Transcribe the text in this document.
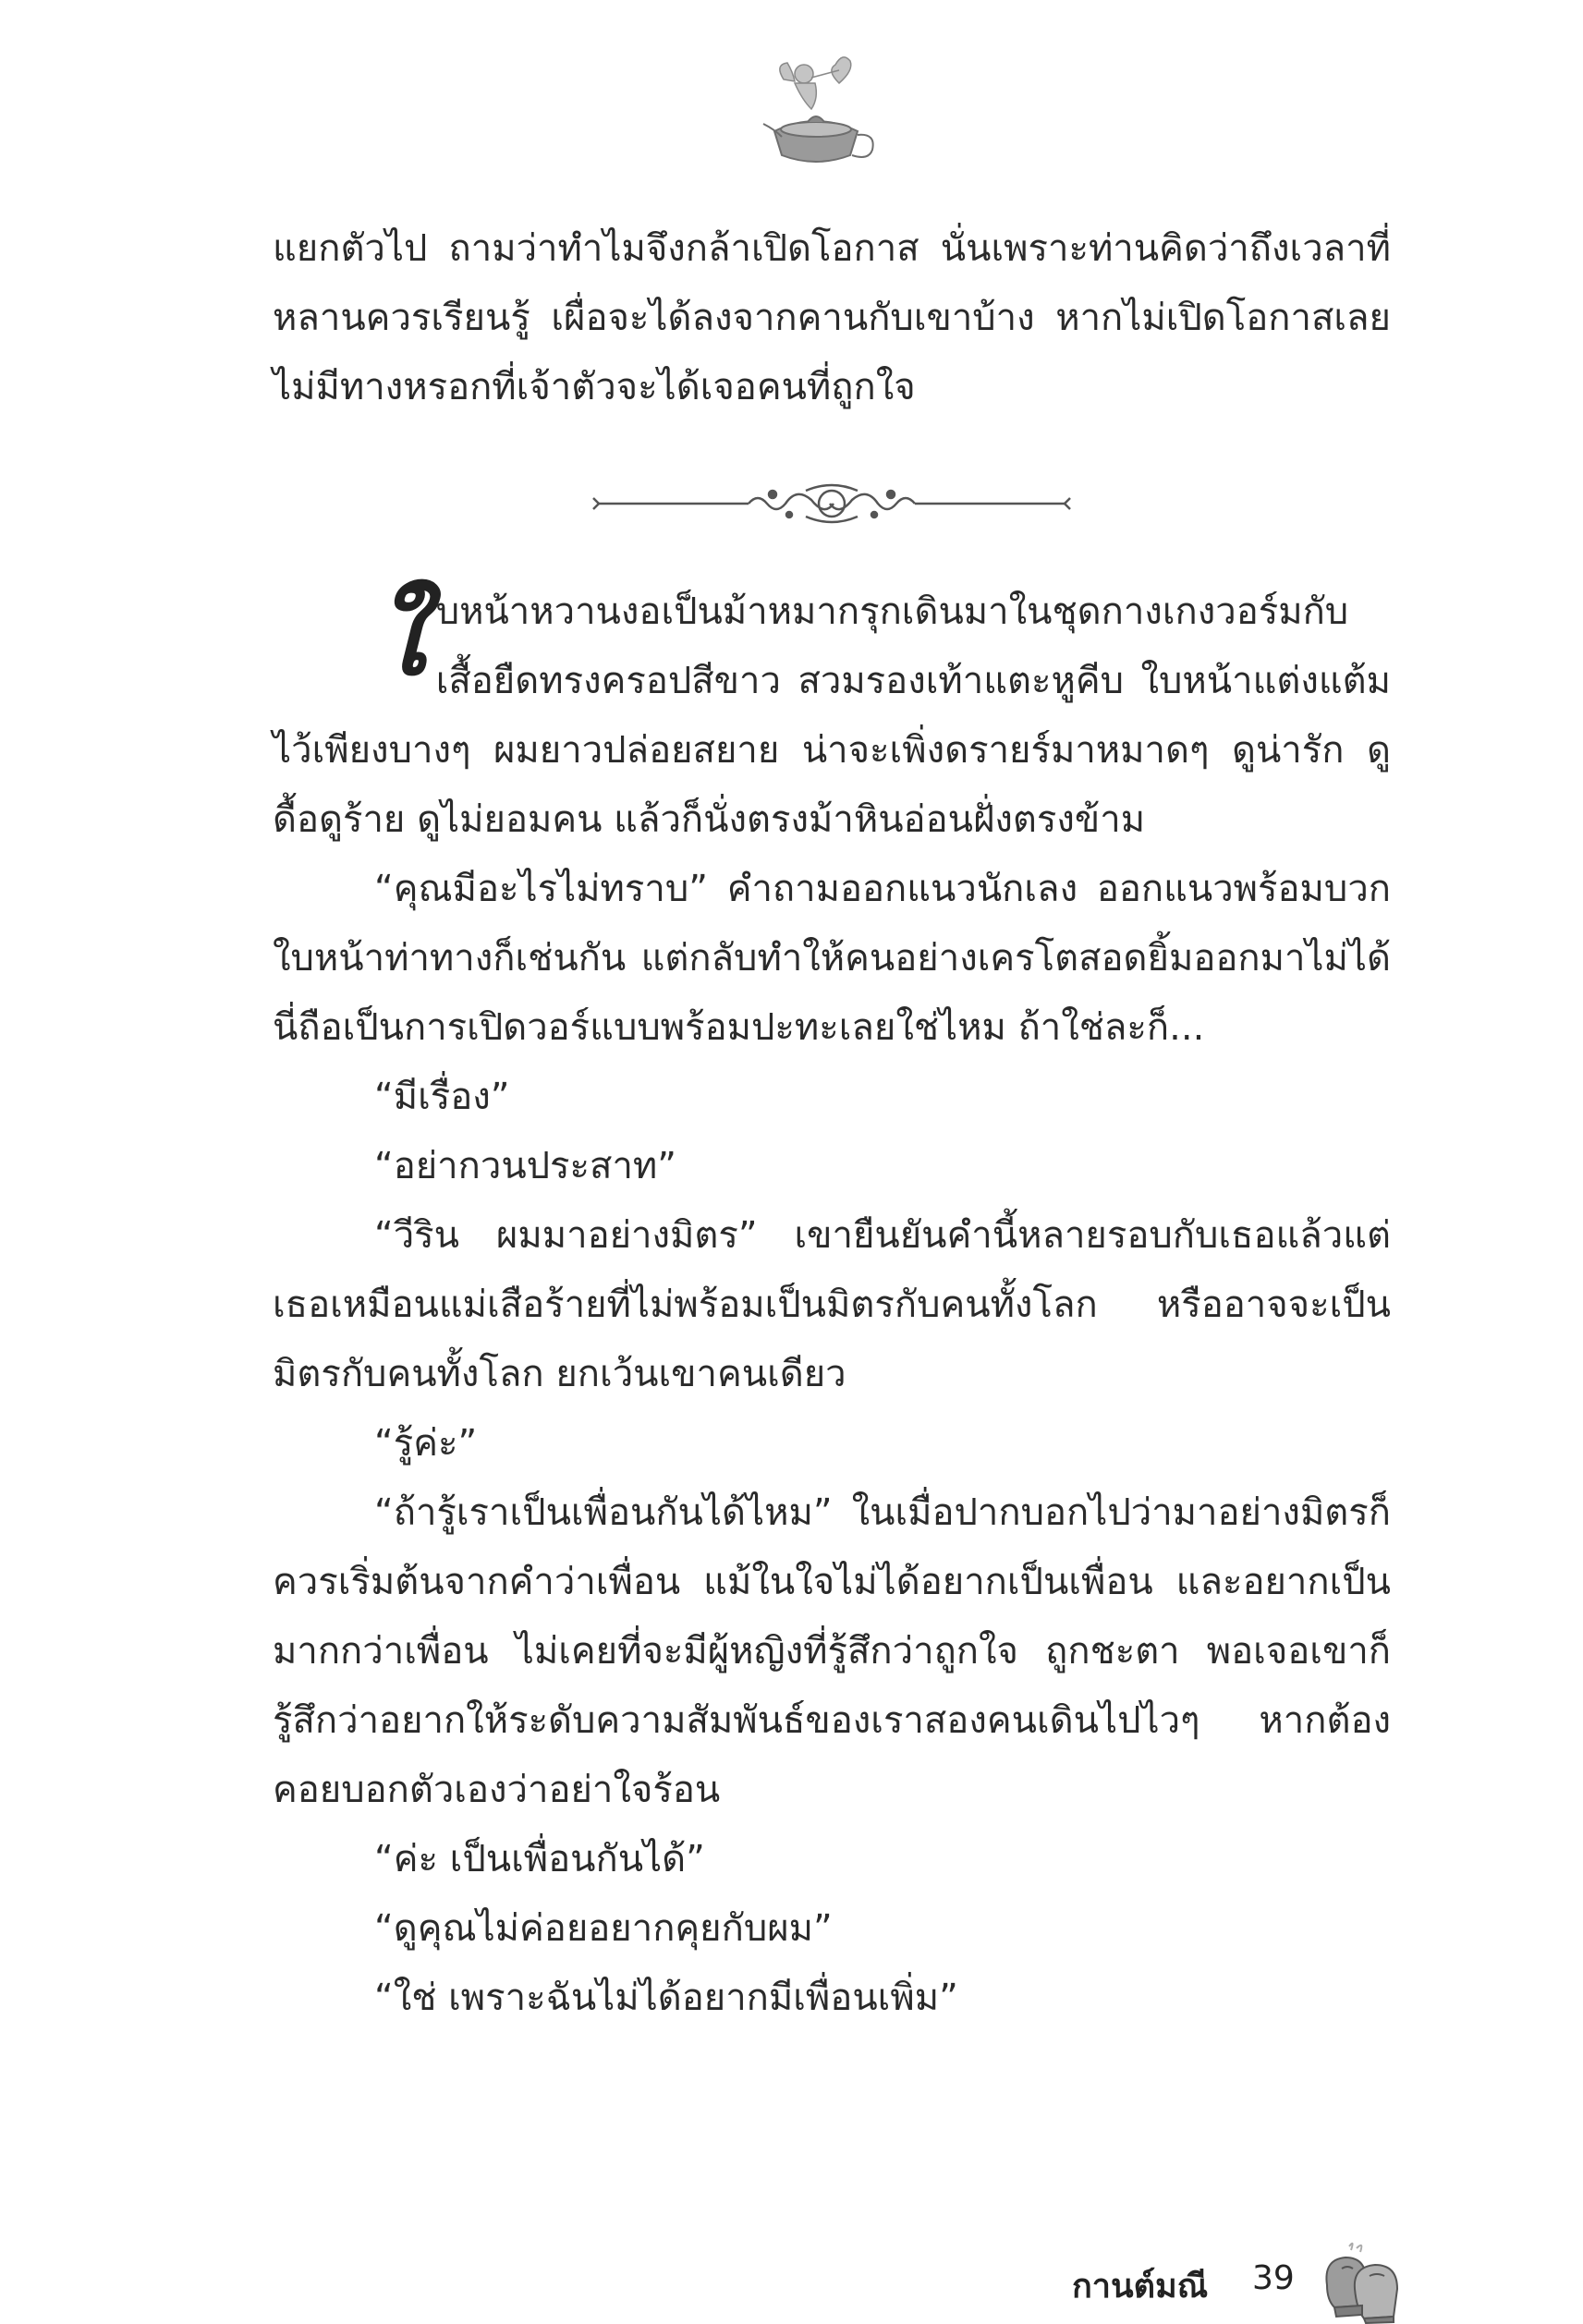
แยกตัวไป ถามว่าทำไมจึงกล้าเปิดโอกาส นั่นเพราะท่านคิดว่าถึงเวลาที่หลานควรเรียนรู้ เผื่อจะได้ลงจากคานกับเขาบ้าง หากไม่เปิดโอกาสเลยไม่มีทางหรอกที่เจ้าตัวจะได้เจอคนที่ถูกใจ

ใบหน้าหวานงอเป็นม้าหมากรุกเดินมาในชุดกางเกงวอร์มกับเสื้อยืดทรงครอปสีขาว สวมรองเท้าแตะหูคีบ ใบหน้าแต่งแต้มไว้เพียงบางๆ ผมยาวปล่อยสยาย น่าจะเพิ่งดรายร์มาหมาดๆ ดูน่ารัก ดูดื้อดูร้าย ดูไม่ยอมคน แล้วก็นั่งตรงม้าหินอ่อนฝั่งตรงข้าม

“คุณมีอะไรไม่ทราบ” คำถามออกแนวนักเลง ออกแนวพร้อมบวกใบหน้าท่าทางก็เช่นกัน แต่กลับทำให้คนอย่างเครโตสอดยิ้มออกมาไม่ได้นี่ถือเป็นการเปิดวอร์แบบพร้อมปะทะเลยใช่ไหม ถ้าใช่ละก็...

“มีเรื่อง”

“อย่ากวนประสาท”

“วีริน ผมมาอย่างมิตร” เขายืนยันคำนี้หลายรอบกับเธอแล้วแต่เธอเหมือนแม่เสือร้ายที่ไม่พร้อมเป็นมิตรกับคนทั้งโลก หรืออาจจะเป็นมิตรกับคนทั้งโลก ยกเว้นเขาคนเดียว

“รู้ค่ะ”

“ถ้ารู้เราเป็นเพื่อนกันได้ไหม” ในเมื่อปากบอกไปว่ามาอย่างมิตรก็ควรเริ่มต้นจากคำว่าเพื่อน แม้ในใจไม่ได้อยากเป็นเพื่อน และอยากเป็นมากกว่าเพื่อน ไม่เคยที่จะมีผู้หญิงที่รู้สึกว่าถูกใจ ถูกชะตา พอเจอเขาก็รู้สึกว่าอยากให้ระดับความสัมพันธ์ของเราสองคนเดินไปไวๆ หากต้องคอยบอกตัวเองว่าอย่าใจร้อน

“ค่ะ เป็นเพื่อนกันได้”

“ดูคุณไม่ค่อยอยากคุยกับผม”

“ใช่ เพราะฉันไม่ได้อยากมีเพื่อนเพิ่ม”

กานต์มณี 39
